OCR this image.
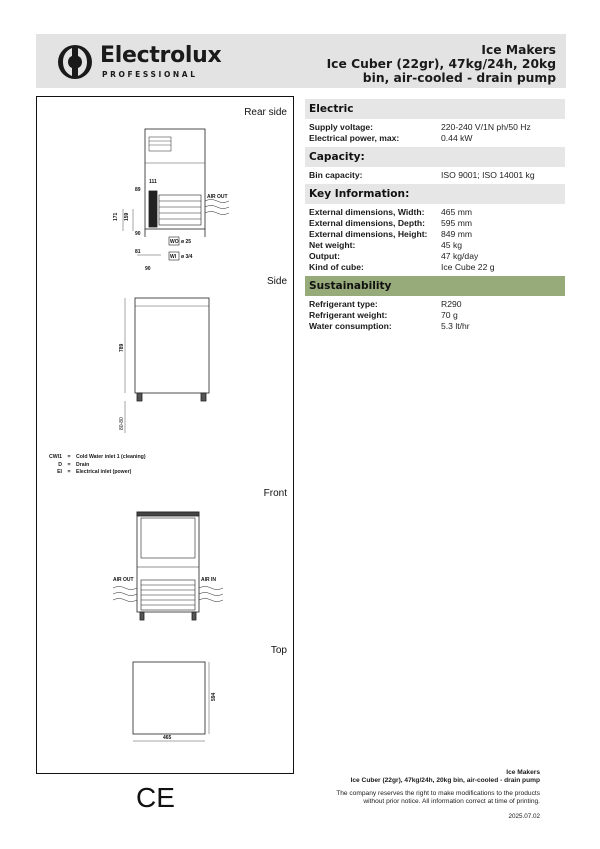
Electrolux
PROFESSIONAL
Ice Makers
Ice Cuber (22gr), 47kg/24h, 20kg
bin, air-cooled - drain pump
Rear side
Side
Front
Top
111
89
171 159
90
81
90
AIR OUT
WO ø 25
WI ø 3/4
789
80-80
AIR OUT	AIR IN
594
465
CWI1	=	Cold Water inlet 1 (cleaning)
D	=	Drain
EI	=	Electrical inlet (power)
Electric
Supply voltage:	220-240 V/1N ph/50 Hz
Electrical power, max:	0.44 kW
Capacity:
Bin capacity:	ISO 9001; ISO 14001 kg
Key Information:
External dimensions, Width:	465 mm
External dimensions, Depth:	595 mm
External dimensions, Height:	849 mm
Net weight:	45 kg
Output:	47 kg/day
Kind of cube:	Ice Cube 22 g
Sustainability
Refrigerant type:	R290
Refrigerant weight:	70 g
Water consumption:	5.3 lt/hr
CE
Ice Makers
Ice Cuber (22gr), 47kg/24h, 20kg bin, air-cooled - drain pump
The company reserves the right to make modifications to the products
without prior notice. All information correct at time of printing.
2025.07.02
